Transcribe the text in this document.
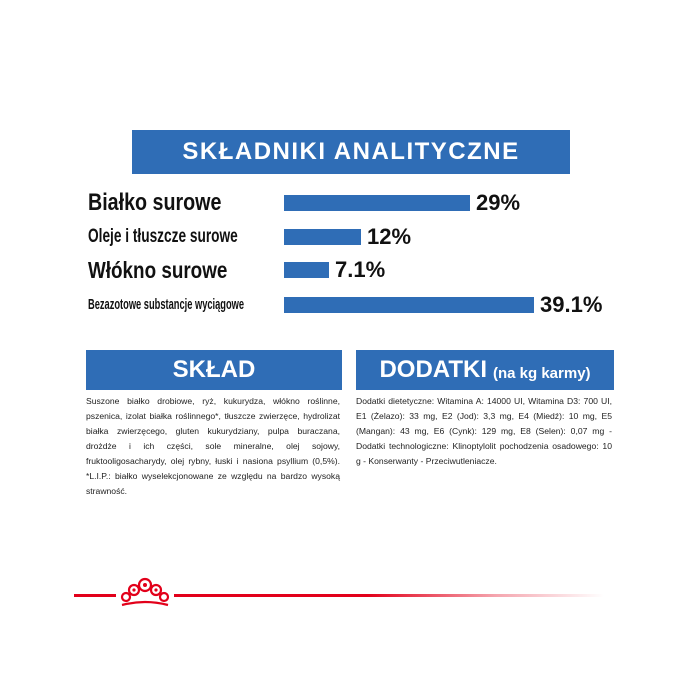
SKŁADNIKI ANALITYCZNE
Białko surowe	29%
Oleje i tłuszcze surowe	12%
Włókno surowe	7.1%
Bezazotowe substancje wyciągowe	39.1%
SKŁAD
Suszone białko drobiowe, ryż, kukurydza, włókno roślinne, pszenica, izolat białka roślinnego*, tłuszcze zwierzęce, hydrolizat białka zwierzęcego, gluten kukurydziany, pulpa buraczana, drożdże i ich części, sole mineralne, olej sojowy, fruktooligosacharydy, olej rybny, łuski i nasiona psyllium (0,5%). *L.I.P.: białko wyselekcjonowane ze względu na bardzo wysoką strawność.
DODATKI (na kg karmy)
Dodatki dietetyczne: Witamina A: 14000 UI, Witamina D3: 700 UI, E1 (Żelazo): 33 mg, E2 (Jod): 3,3 mg, E4 (Miedź): 10 mg, E5 (Mangan): 43 mg, E6 (Cynk): 129 mg, E8 (Selen): 0,07 mg - Dodatki technologiczne: Klinoptylolit pochodzenia osadowego: 10 g - Konserwanty - Przeciwutleniacze.
